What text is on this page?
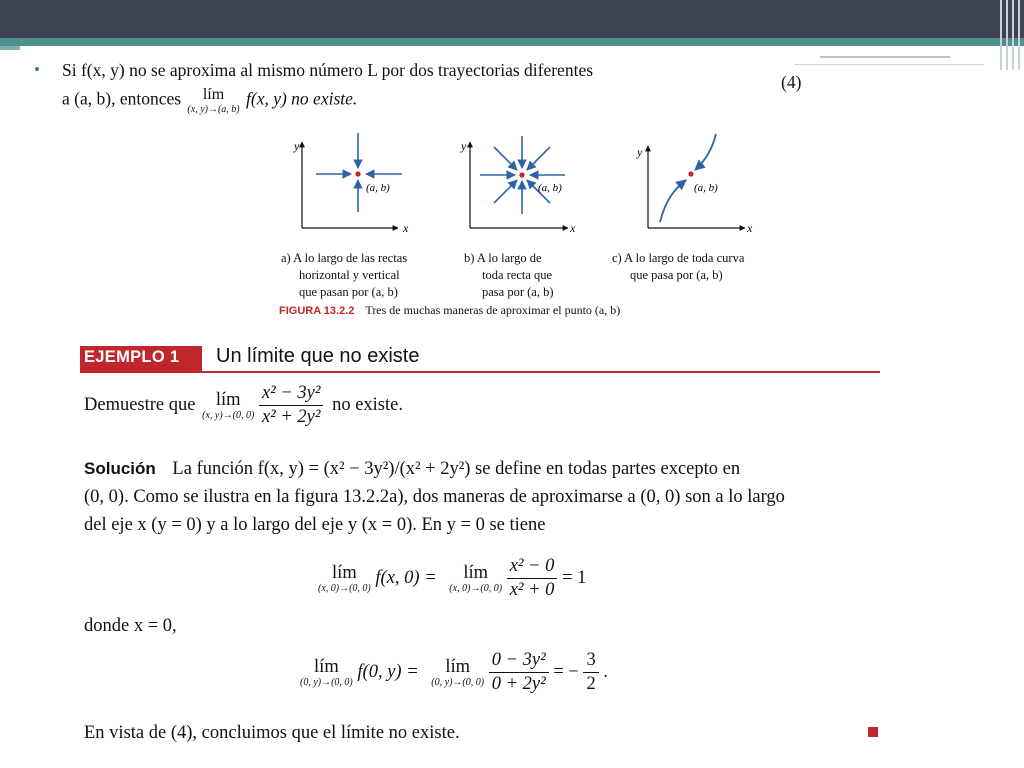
• Si f(x, y) no se aproxima al mismo número L por dos trayectorias diferentes
a (a, b), entonces	lím
(x, y)→(a, b)
f(x, y) no existe.
(4)
y
x
(a, b)
y
x
(a, b)
y
x
(a, b)
a) A lo largo de las rectas
horizontal y vertical
que pasan por (a, b)
b) A lo largo de
toda recta que
pasa por (a, b)
c) A lo largo de toda curva
que pasa por (a, b)
FIGURA 13.2.2 Tres de muchas maneras de aproximar el punto (a, b)
EJEMPLO 1 Un límite que no existe
Demuestre que	lím
(x, y)→(0, 0)
$\frac{\text{x² − 3y²}}{\text{x² + 2y²}}$ no existe.
Solución La función f(x, y) = (x² − 3y²)/(x² + 2y²) se define en todas partes excepto en
(0, 0). Como se ilustra en la figura 13.2.2a), dos maneras de aproximarse a (0, 0) son a lo largo
del eje x (y = 0) y a lo largo del eje y (x = 0). En y = 0 se tiene
lím
(x, 0)→(0, 0)
f(x, 0) =	lím
(x, 0)→(0, 0)
$\frac{\text{x² − 0}}{\text{x² + 0}} = 1$
donde x = 0,
lím
(0, y)→(0, 0)
f(0, y) =	lím
(0, y)→(0, 0)
$\frac{\text{0 − 3y²}}{\text{0 + 2y²}}$ = − $\frac{3}{2}$ .
En vista de (4), concluimos que el límite no existe.
